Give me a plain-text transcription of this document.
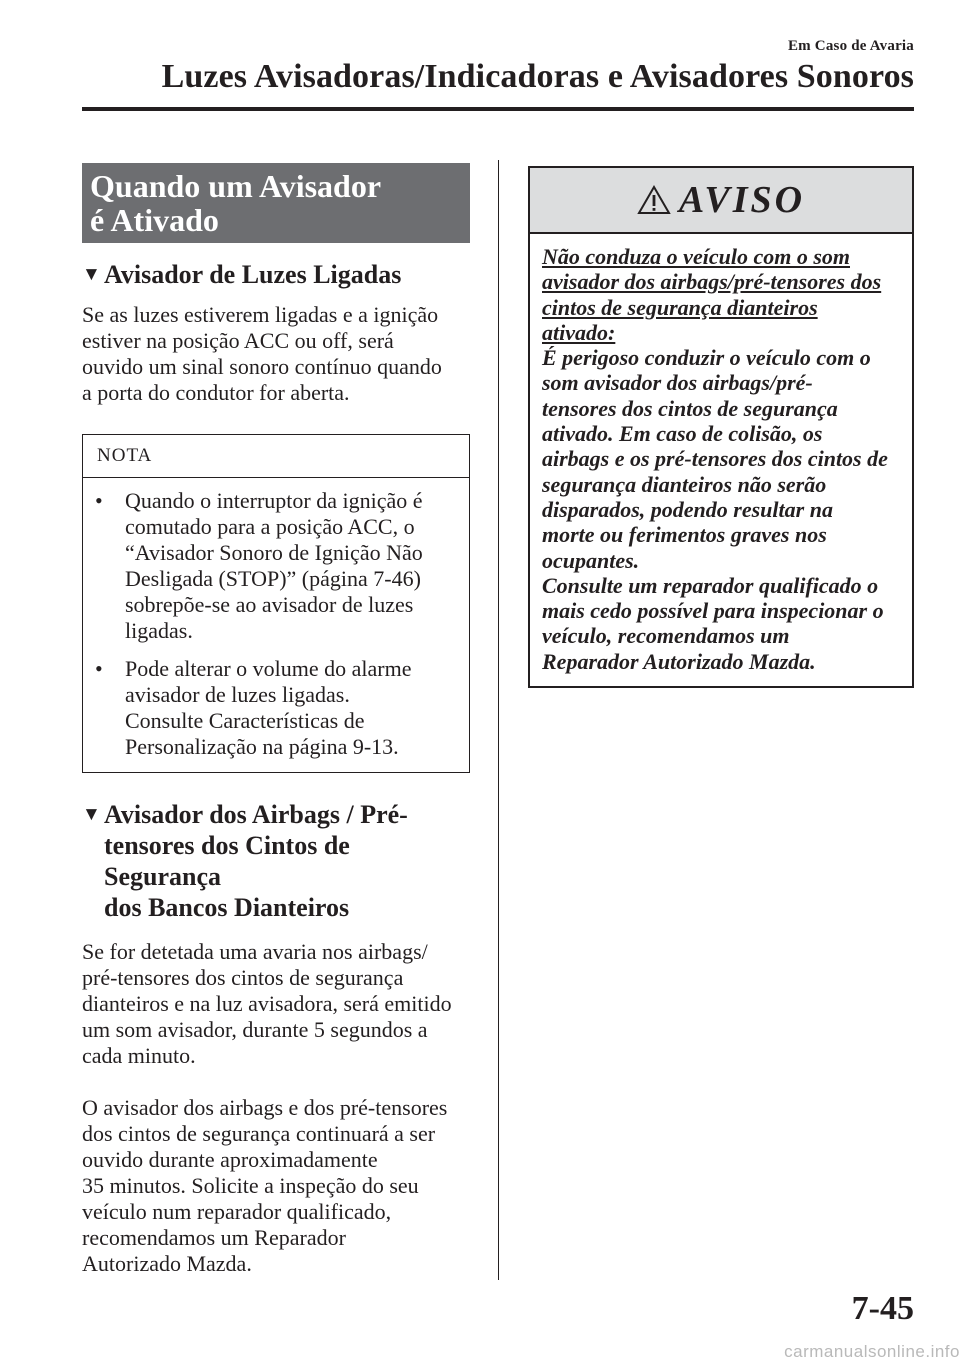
Em Caso de Avaria
Luzes Avisadoras/Indicadoras e Avisadores Sonoros
Quando um Avisador
é Ativado
▼ Avisador de Luzes Ligadas

Se as luzes estiverem ligadas e a ignição
estiver na posição ACC ou off, será
ouvido um sinal sonoro contínuo quando
a porta do condutor for aberta.

NOTA
•	Quando o interruptor da ignição é
comutado para a posição ACC, o
“Avisador Sonoro de Ignição Não
Desligada (STOP)” (página 7-46)
sobrepõe-se ao avisador de luzes
ligadas.
•	Pode alterar o volume do alarme
avisador de luzes ligadas.
Consulte Características de
Personalização na página 9-13.
▼ Avisador dos Airbags / Pré-
tensores dos Cintos de Segurança
dos Bancos Dianteiros

Se for detetada uma avaria nos airbags/
pré-tensores dos cintos de segurança
dianteiros e na luz avisadora, será emitido
um som avisador, durante 5 segundos a
cada minuto.

O avisador dos airbags e dos pré-tensores
dos cintos de segurança continuará a ser
ouvido durante aproximadamente
35 minutos. Solicite a inspeção do seu
veículo num reparador qualificado,
recomendamos um Reparador
Autorizado Mazda.

AVISO
Não conduza o veículo com o som
avisador dos airbags/pré-tensores dos
cintos de segurança dianteiros
ativado:
É perigoso conduzir o veículo com o
som avisador dos airbags/pré-
tensores dos cintos de segurança
ativado. Em caso de colisão, os
airbags e os pré-tensores dos cintos de
segurança dianteiros não serão
disparados, podendo resultar na
morte ou ferimentos graves nos
ocupantes.
Consulte um reparador qualificado o
mais cedo possível para inspecionar o
veículo, recomendamos um
Reparador Autorizado Mazda.
7-45
carmanualsonline.info
